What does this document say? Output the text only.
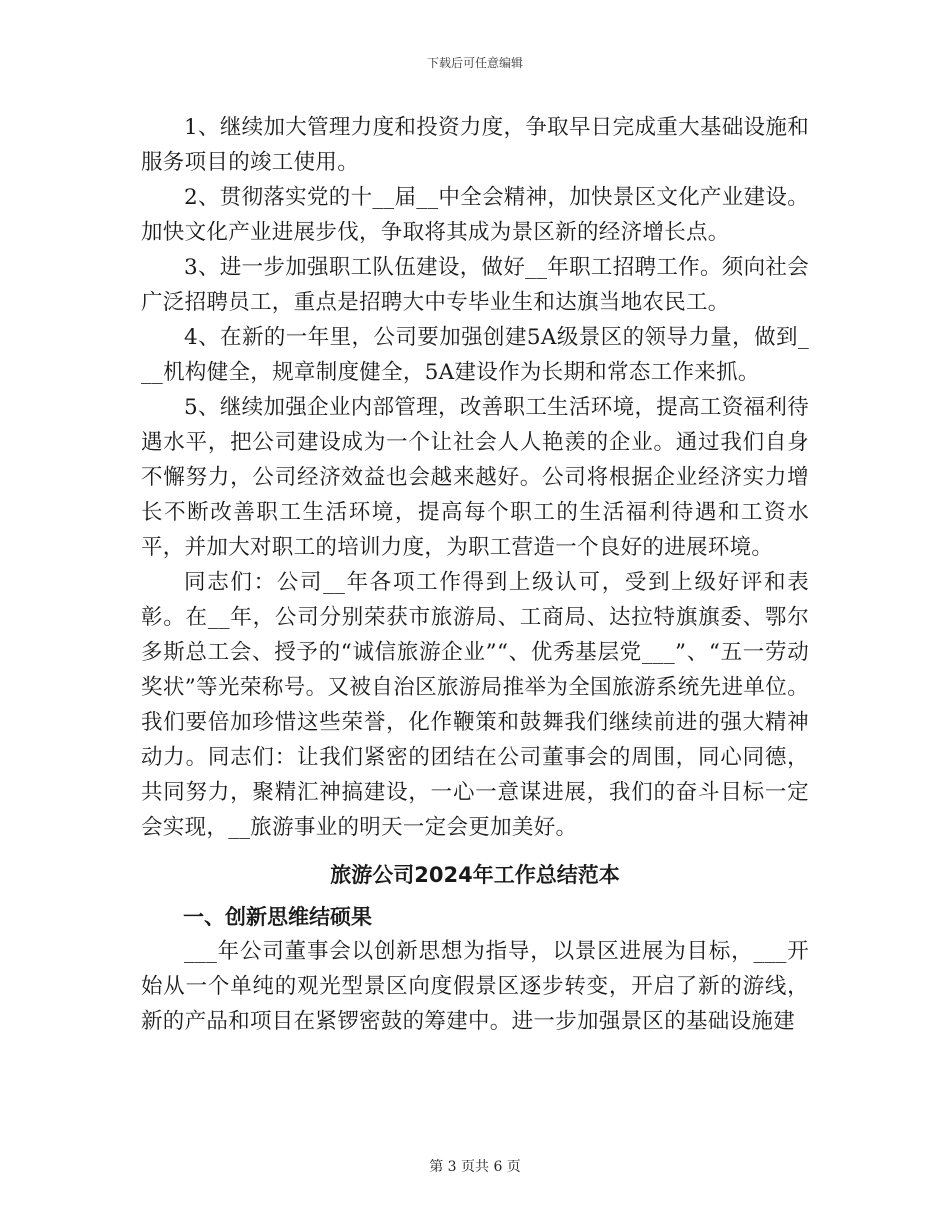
下载后可任意编辑

1、继续加大管理力度和投资力度，争取早日完成重大基础设施和服务项目的竣工使用。

2、贯彻落实党的十__届__中全会精神，加快景区文化产业建设。加快文化产业进展步伐，争取将其成为景区新的经济增长点。

3、进一步加强职工队伍建设，做好__年职工招聘工作。须向社会广泛招聘员工，重点是招聘大中专毕业生和达旗当地农民工。

4、在新的一年里，公司要加强创建5A级景区的领导力量，做到___机构健全，规章制度健全，5A建设作为长期和常态工作来抓。

5、继续加强企业内部管理，改善职工生活环境，提高工资福利待遇水平，把公司建设成为一个让社会人人艳羡的企业。通过我们自身不懈努力，公司经济效益也会越来越好。公司将根据企业经济实力增长不断改善职工生活环境，提高每个职工的生活福利待遇和工资水平，并加大对职工的培训力度，为职工营造一个良好的进展环境。

同志们：公司__年各项工作得到上级认可，受到上级好评和表彰。在__年，公司分别荣获市旅游局、工商局、达拉特旗旗委、鄂尔多斯总工会、授予的“诚信旅游企业”“、优秀基层党___”、“五一劳动奖状”等光荣称号。又被自治区旅游局推举为全国旅游系统先进单位。我们要倍加珍惜这些荣誉，化作鞭策和鼓舞我们继续前进的强大精神动力。同志们：让我们紧密的团结在公司董事会的周围，同心同德，共同努力，聚精汇神搞建设，一心一意谋进展，我们的奋斗目标一定会实现，__旅游事业的明天一定会更加美好。

旅游公司2024年工作总结范本
一、创新思维结硕果

___年公司董事会以创新思想为指导，以景区进展为目标，___开始从一个单纯的观光型景区向度假景区逐步转变，开启了新的游线，新的产品和项目在紧锣密鼓的筹建中。进一步加强景区的基础设施建

第 3 页共 6 页
